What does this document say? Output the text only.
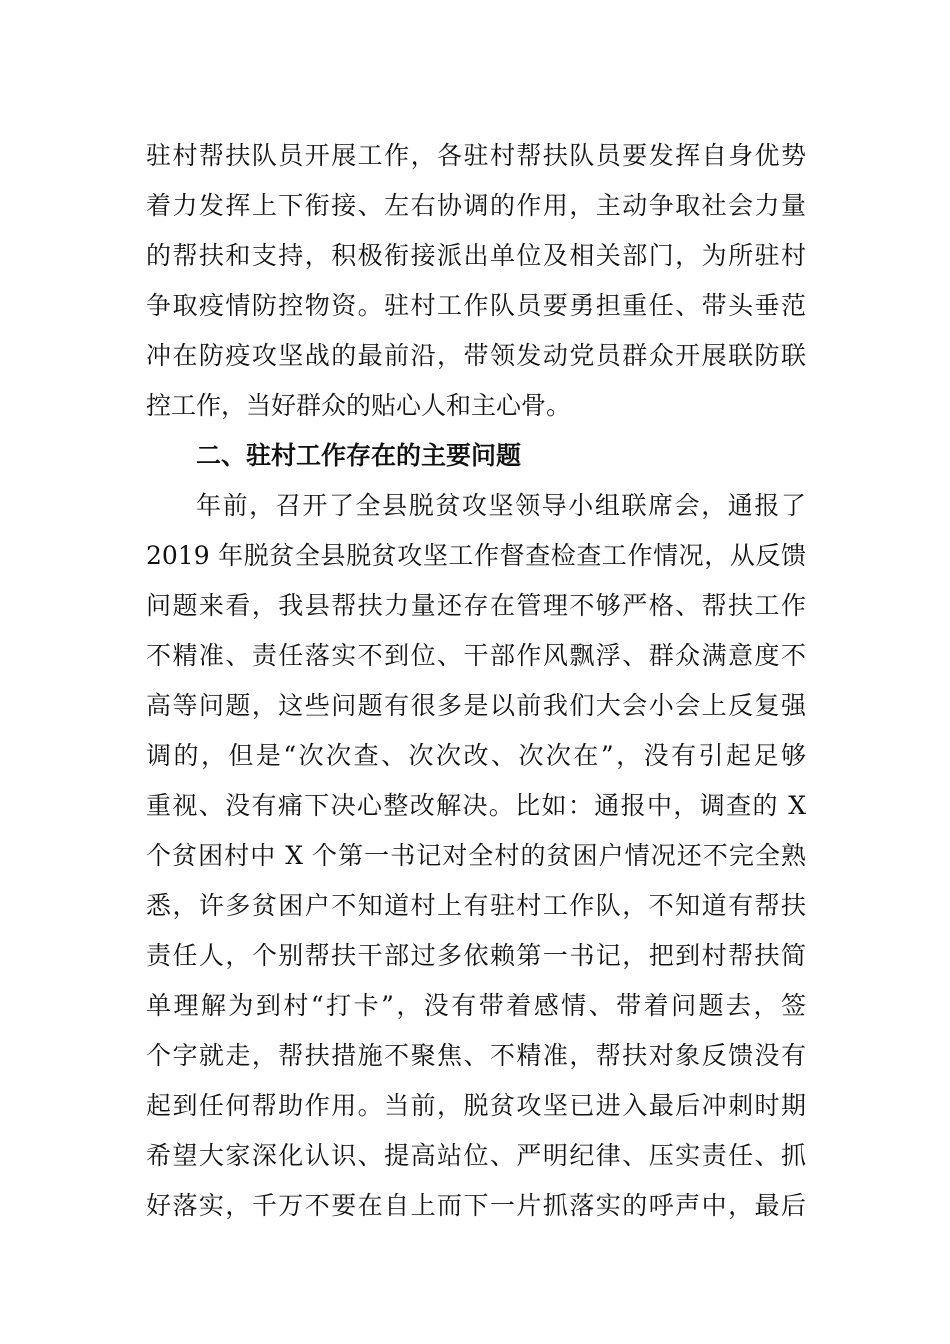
驻村帮扶队员开展工作，各驻村帮扶队员要发挥自身优势
着力发挥上下衔接、左右协调的作用，主动争取社会力量
的帮扶和支持，积极衔接派出单位及相关部门，为所驻村
争取疫情防控物资。驻村工作队员要勇担重任、带头垂范
冲在防疫攻坚战的最前沿，带领发动党员群众开展联防联
控工作，当好群众的贴心人和主心骨。
二、驻村工作存在的主要问题
年前，召开了全县脱贫攻坚领导小组联席会，通报了
2019 年脱贫全县脱贫攻坚工作督查检查工作情况，从反馈
问题来看，我县帮扶力量还存在管理不够严格、帮扶工作
不精准、责任落实不到位、干部作风飘浮、群众满意度不
高等问题，这些问题有很多是以前我们大会小会上反复强
调的，但是“次次查、次次改、次次在”，没有引起足够
重视、没有痛下决心整改解决。比如：通报中，调查的 X
个贫困村中 X 个第一书记对全村的贫困户情况还不完全熟
悉，许多贫困户不知道村上有驻村工作队，不知道有帮扶
责任人，个别帮扶干部过多依赖第一书记，把到村帮扶简
单理解为到村“打卡”，没有带着感情、带着问题去，签
个字就走，帮扶措施不聚焦、不精准，帮扶对象反馈没有
起到任何帮助作用。当前，脱贫攻坚已进入最后冲刺时期
希望大家深化认识、提高站位、严明纪律、压实责任、抓
好落实，千万不要在自上而下一片抓落实的呼声中，最后
